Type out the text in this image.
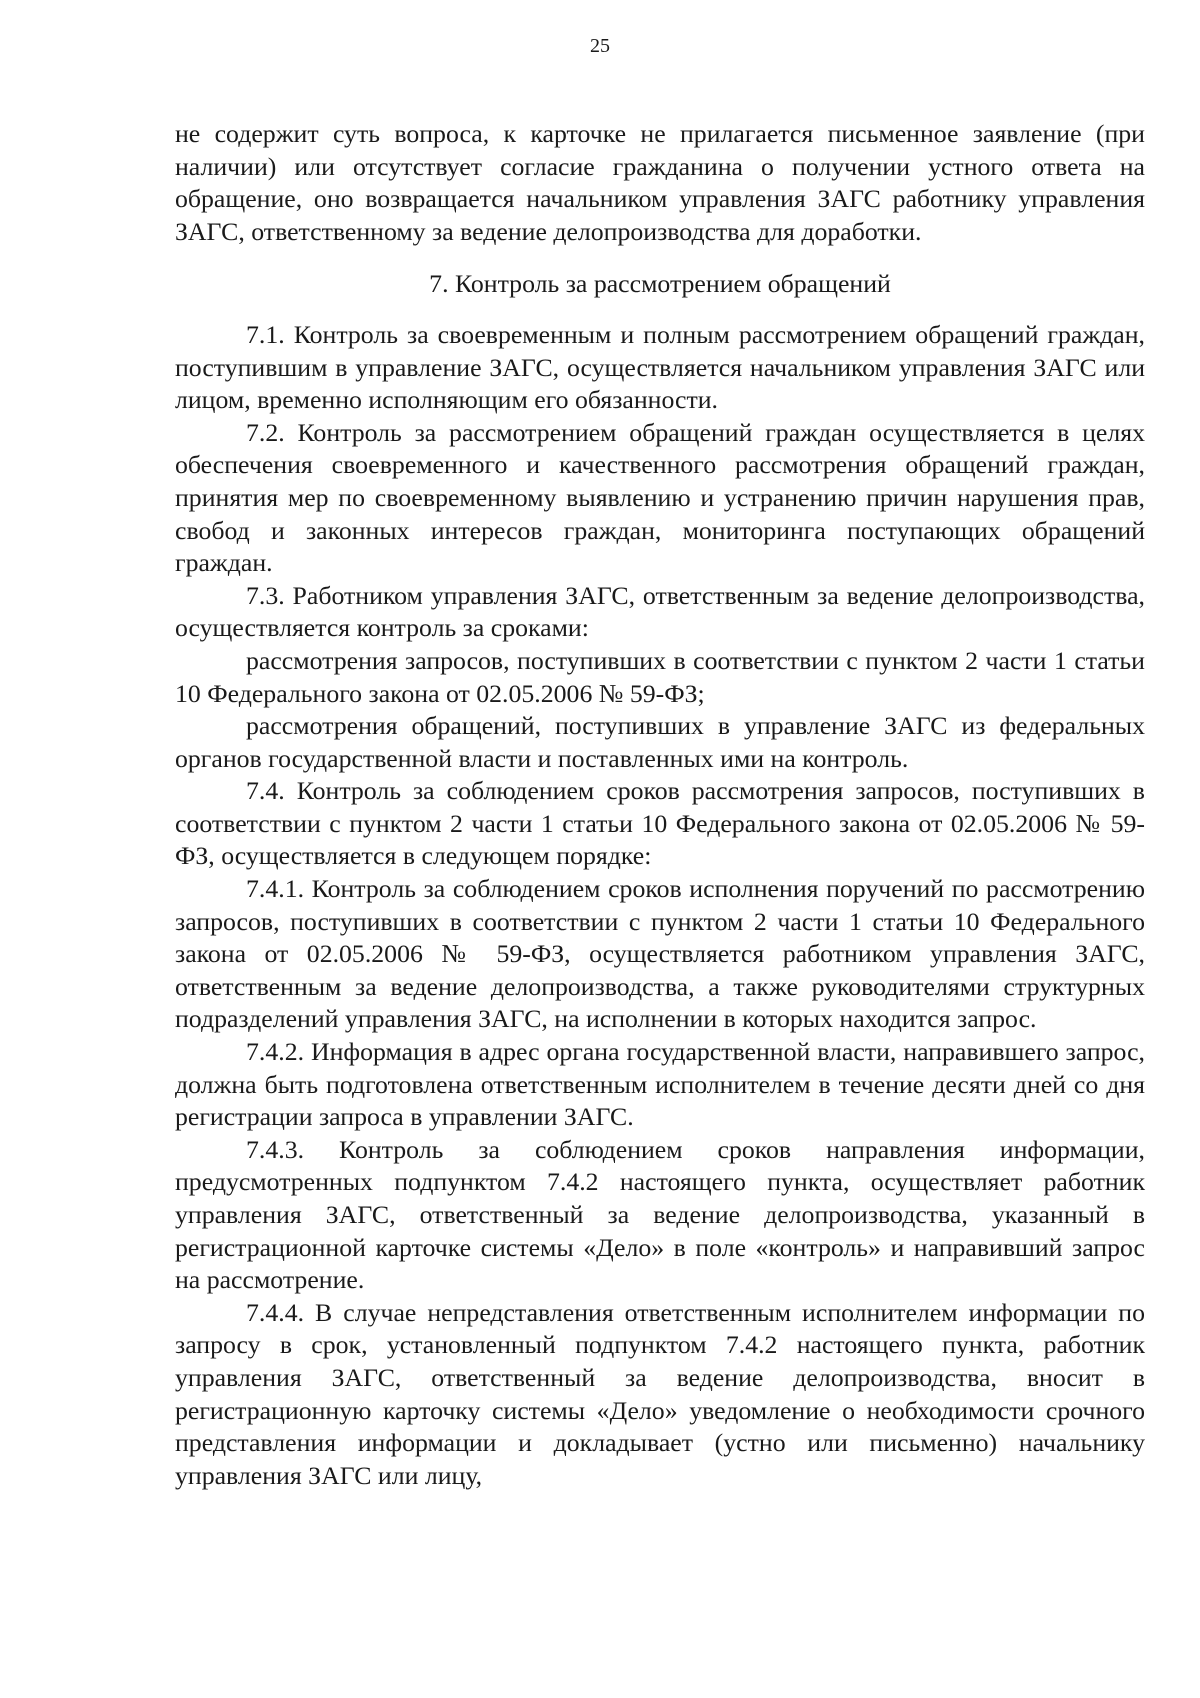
25

не содержит суть вопроса, к карточке не прилагается письменное заявление (при наличии) или отсутствует согласие гражданина о получении устного ответа на обращение, оно возвращается начальником управления ЗАГС работнику управления ЗАГС, ответственному за ведение делопроизводства для доработки.

7. Контроль за рассмотрением обращений

7.1. Контроль за своевременным и полным рассмотрением обращений граждан, поступившим в управление ЗАГС, осуществляется начальником управления ЗАГС или лицом, временно исполняющим его обязанности.

7.2. Контроль за рассмотрением обращений граждан осуществляется в целях обеспечения своевременного и качественного рассмотрения обращений граждан, принятия мер по своевременному выявлению и устранению причин нарушения прав, свобод и законных интересов граждан, мониторинга поступающих обращений граждан.

7.3. Работником управления ЗАГС, ответственным за ведение делопроизводства, осуществляется контроль за сроками:

рассмотрения запросов, поступивших в соответствии с пунктом 2 части 1 статьи 10 Федерального закона от 02.05.2006 № 59-ФЗ;

рассмотрения обращений, поступивших в управление ЗАГС из федеральных органов государственной власти и поставленных ими на контроль.

7.4. Контроль за соблюдением сроков рассмотрения запросов, поступивших в соответствии с пунктом 2 части 1 статьи 10 Федерального закона от 02.05.2006 № 59-ФЗ, осуществляется в следующем порядке:

7.4.1. Контроль за соблюдением сроков исполнения поручений по рассмотрению запросов, поступивших в соответствии с пунктом 2 части 1 статьи 10 Федерального закона от 02.05.2006 № 59-ФЗ, осуществляется работником управления ЗАГС, ответственным за ведение делопроизводства, а также руководителями структурных подразделений управления ЗАГС, на исполнении в которых находится запрос.

7.4.2. Информация в адрес органа государственной власти, направившего запрос, должна быть подготовлена ответственным исполнителем в течение десяти дней со дня регистрации запроса в управлении ЗАГС.

7.4.3. Контроль за соблюдением сроков направления информации, предусмотренных подпунктом 7.4.2 настоящего пункта, осуществляет работник управления ЗАГС, ответственный за ведение делопроизводства, указанный в регистрационной карточке системы «Дело» в поле «контроль» и направивший запрос на рассмотрение.

7.4.4. В случае непредставления ответственным исполнителем информации по запросу в срок, установленный подпунктом 7.4.2 настоящего пункта, работник управления ЗАГС, ответственный за ведение делопроизводства, вносит в регистрационную карточку системы «Дело» уведомление о необходимости срочного представления информации и докладывает (устно или письменно) начальнику управления ЗАГС или лицу,
